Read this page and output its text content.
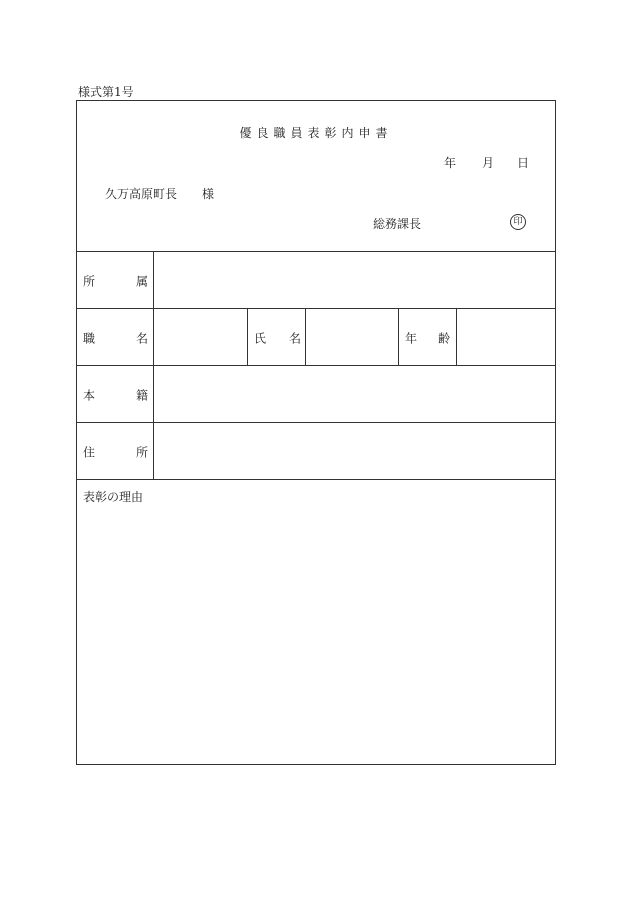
様式第1号
優良職員表彰内申書
年 月 日
久万高原町長 様
総務課長	印
所	属
職	名	氏 名	年 齢
本	籍
住	所
表彰の理由
